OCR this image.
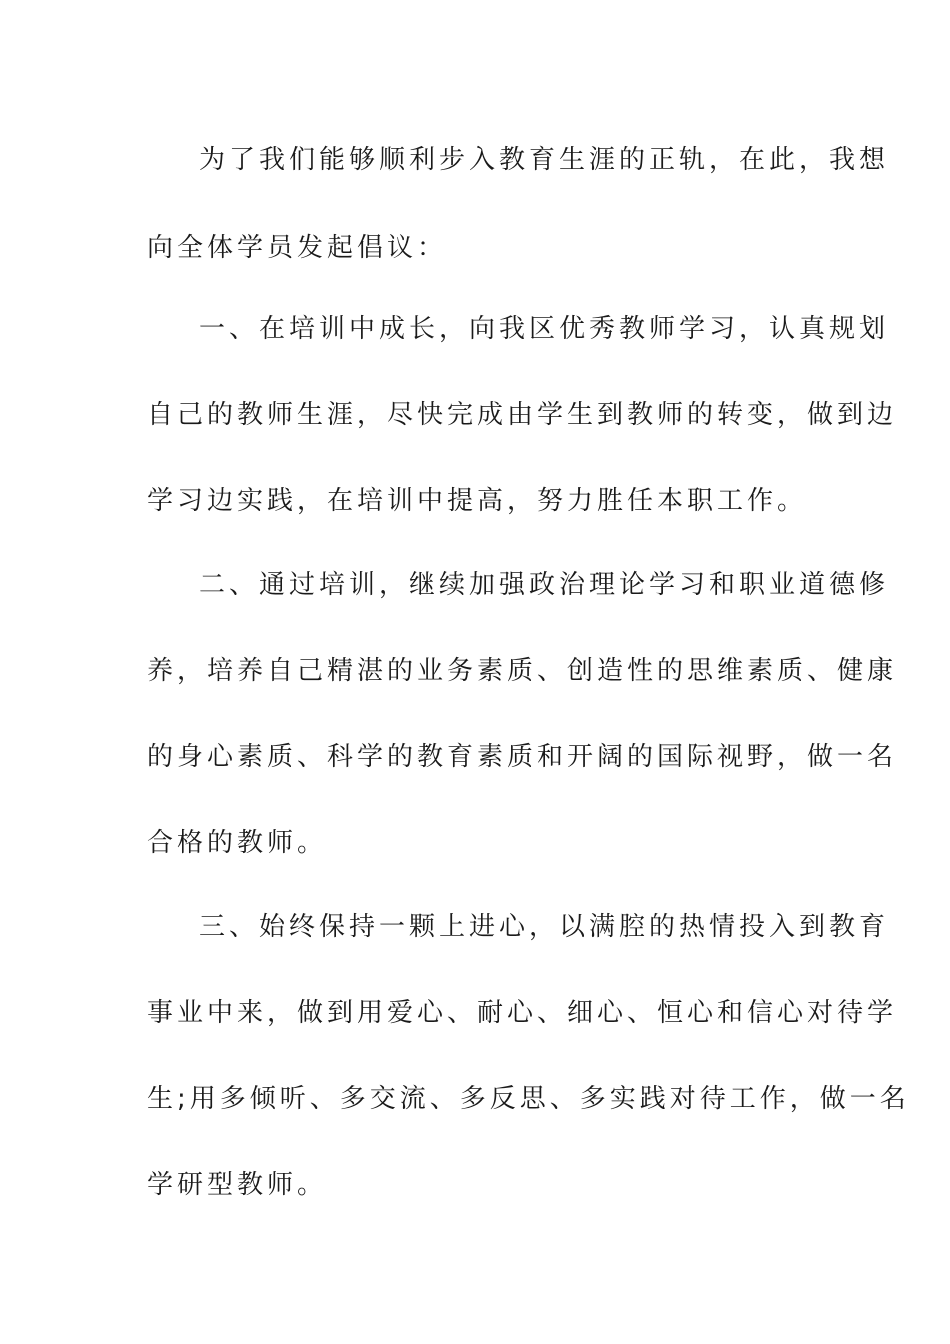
为了我们能够顺利步入教育生涯的正轨，在此，我想
向全体学员发起倡议：
一、在培训中成长，向我区优秀教师学习，认真规划
自己的教师生涯，尽快完成由学生到教师的转变，做到边
学习边实践，在培训中提高，努力胜任本职工作。
二、通过培训，继续加强政治理论学习和职业道德修
养，培养自己精湛的业务素质、创造性的思维素质、健康
的身心素质、科学的教育素质和开阔的国际视野，做一名
合格的教师。
三、始终保持一颗上进心，以满腔的热情投入到教育
事业中来，做到用爱心、耐心、细心、恒心和信心对待学
生;用多倾听、多交流、多反思、多实践对待工作，做一名
学研型教师。
